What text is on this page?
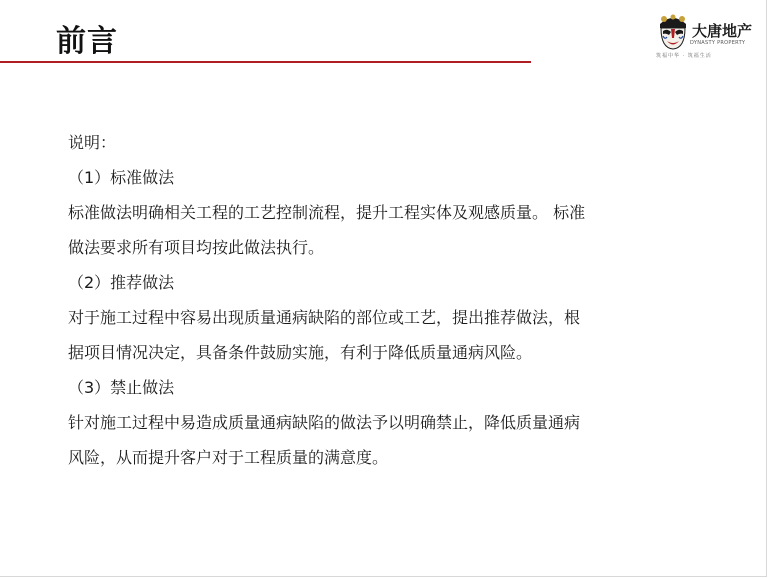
前言	大唐地产
DYNASTY PROPERTY
筑福中华 · 筑福生活
说明：
（1）标准做法
标准做法明确相关工程的工艺控制流程，提升工程实体及观感质量。 标准
做法要求所有项目均按此做法执行。
（2）推荐做法
对于施工过程中容易出现质量通病缺陷的部位或工艺，提出推荐做法，根
据项目情况决定，具备条件鼓励实施，有利于降低质量通病风险。
（3）禁止做法
针对施工过程中易造成质量通病缺陷的做法予以明确禁止，降低质量通病
风险，从而提升客户对于工程质量的满意度。
